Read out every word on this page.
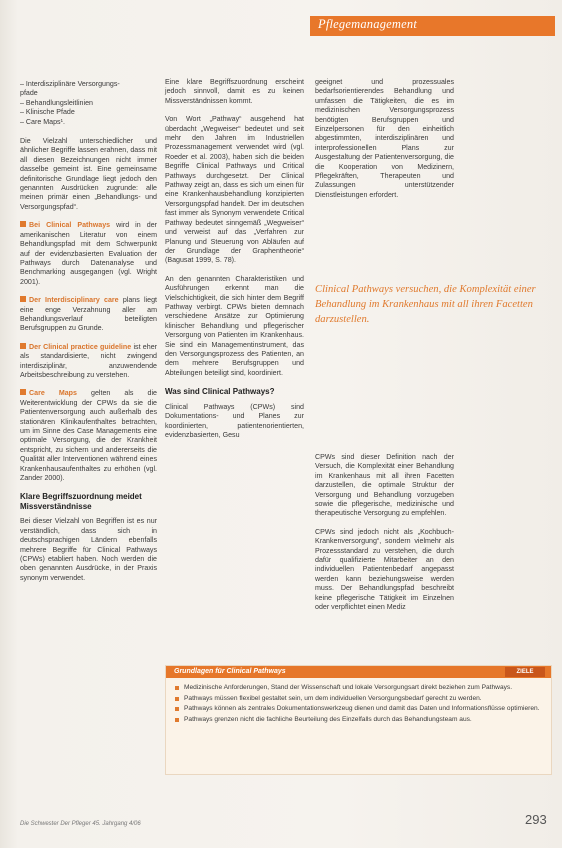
Pflegemanagement
– Interdisziplinäre Versorgungs-
pfade
– Behandlungsleitlinien
– Klinische Pfade
– Care Maps¹.

Die Vielzahl unterschiedlicher und ähnlicher Begriffe lassen erahnen, dass mit all diesen Bezeichnungen nicht immer dasselbe gemeint ist. Eine gemeinsame definitorische Grundlage liegt jedoch den genannten Ausdrücken zugrunde: alle meinen primär einen „Behandlungs- und Versorgungspfad“.

Bei Clinical Pathways wird in der amerikanischen Literatur von einem Behandlungspfad mit dem Schwerpunkt auf der evidenzbasierten Evaluation der Pathways durch Datenanalyse und Benchmarking ausgegangen (vgl. Wright 2001).

Der Interdisciplinary care plans liegt eine enge Verzahnung aller am Behandlungsverlauf beteiligten Berufsgruppen zu Grunde.

Der Clinical practice guideline ist eher als standardisierte, nicht zwingend interdisziplinär, anzuwendende Arbeitsbeschreibung zu verstehen.

Care Maps gelten als die Weiterentwicklung der CPWs da sie die Patientenversorgung auch außerhalb des stationären Klinikaufenthaltes betrachten, um im Sinne des Case Managements eine optimale Versorgung, die der Krankheit entspricht, zu sichern und andererseits die Qualität aller Interventionen während eines Krankenhausaufenthaltes zu erhöhen (vgl. Zander 2000).

Klare Begriffszuordnung meidet Missverständnisse

Bei dieser Vielzahl von Begriffen ist es nur verständlich, dass sich in deutschsprachigen Ländern ebenfalls mehrere Begriffe für Clinical Pathways (CPWs) etabliert haben. Noch werden die oben genannten Ausdrücke, in der Praxis synonym verwendet.

Eine klare Begriffszuordnung erscheint jedoch sinnvoll, damit es zu keinen Missverständnissen kommt.

Von Wort „Pathway“ ausgehend hat überdacht „Wegweiser“ bedeutet und seit mehr den Jahren im Industriellen Prozessmanagement verwendet wird (vgl. Roeder et al. 2003), haben sich die beiden Begriffe Clinical Pathways und Critical Pathways durchgesetzt. Der Clinical Pathway zeigt an, dass es sich um einen für eine Krankenhausbehandlung konzipierten Versorgungspfad handelt. Der im deutschen fast immer als Synonym verwendete Critical Pathway bedeutet sinngemäß „Wegweiser“ und verweist auf das „Verfahren zur Planung und Steuerung von Abläufen auf der Grundlage der Graphentheorie“ (Bagusat 1999, S. 78).

An den genannten Charakteristiken und Ausführungen erkennt man die Vielschichtigkeit, die sich hinter dem Begriff Pathway verbirgt. CPWs bieten demnach verschiedene Ansätze zur Optimierung klinischer Behandlung und pflegerischer Versorgung von Patienten im Krankenhaus. Sie sind ein Managementinstrument, das den Versorgungsprozess des Patienten, an dem mehrere Berufsgruppen und Abteilungen beteiligt sind, koordiniert.

Was sind Clinical Pathways?

Clinical Pathways (CPWs) sind Dokumentations- und Planes zur koordinierten, patientenorientierten, evidenzbasierten, Gesu

geeignet und prozessuales bedarfsorientierendes Behandlung und umfassen die Tätigkeiten, die es im medizinischen Versorgungsprozess benötigten Berufsgruppen und Einzelpersonen für den einheitlich abgestimmten, interdisziplinären und interprofessionellen Plans zur Ausgestaltung der Patientenversorgung, die die Kooperation von Medizinern, Pflegekräften, Therapeuten und Zulassungen unterstützender Dienstleistungen erfordert.

Clinical Pathways versuchen, die Komplexität einer Behandlung im Krankenhaus mit all ihren Facetten darzustellen.

CPWs sind dieser Definition nach der Versuch, die Komplexität einer Behandlung im Krankenhaus mit all ihren Facetten darzustellen, die optimale Struktur der Versorgung und Behandlung vorzugeben sowie die pflegerische, medizinische und therapeutische Versorgung zu empfehlen.

CPWs sind jedoch nicht als „Kochbuch-Krankenversorgung“, sondern vielmehr als Prozessstandard zu verstehen, die durch dafür qualifizierte Mitarbeiter an den individuellen Patientenbedarf angepasst werden kann beziehungsweise werden muss. Der Behandlungspfad beschreibt keine pflegerische Tätigkeit im Einzelnen oder verpflichtet einen Mediz

Grundlagen für Clinical Pathways	ZIELE
Medizinische Anforderungen, Stand der Wissenschaft und lokale Versorgungsart direkt beziehen zum Pathways.
Pathways müssen flexibel gestaltet sein, um dem individuellen Versorgungsbedarf gerecht zu werden.
Pathways können als zentrales Dokumentationswerkzeug dienen und damit das Daten und Informationsflüsse optimieren.
Pathways grenzen nicht die fachliche Beurteilung des Einzelfalls durch das Behandlungsteam aus.
Die Schwester Der Pfleger 45. Jahrgang 4/06	293
